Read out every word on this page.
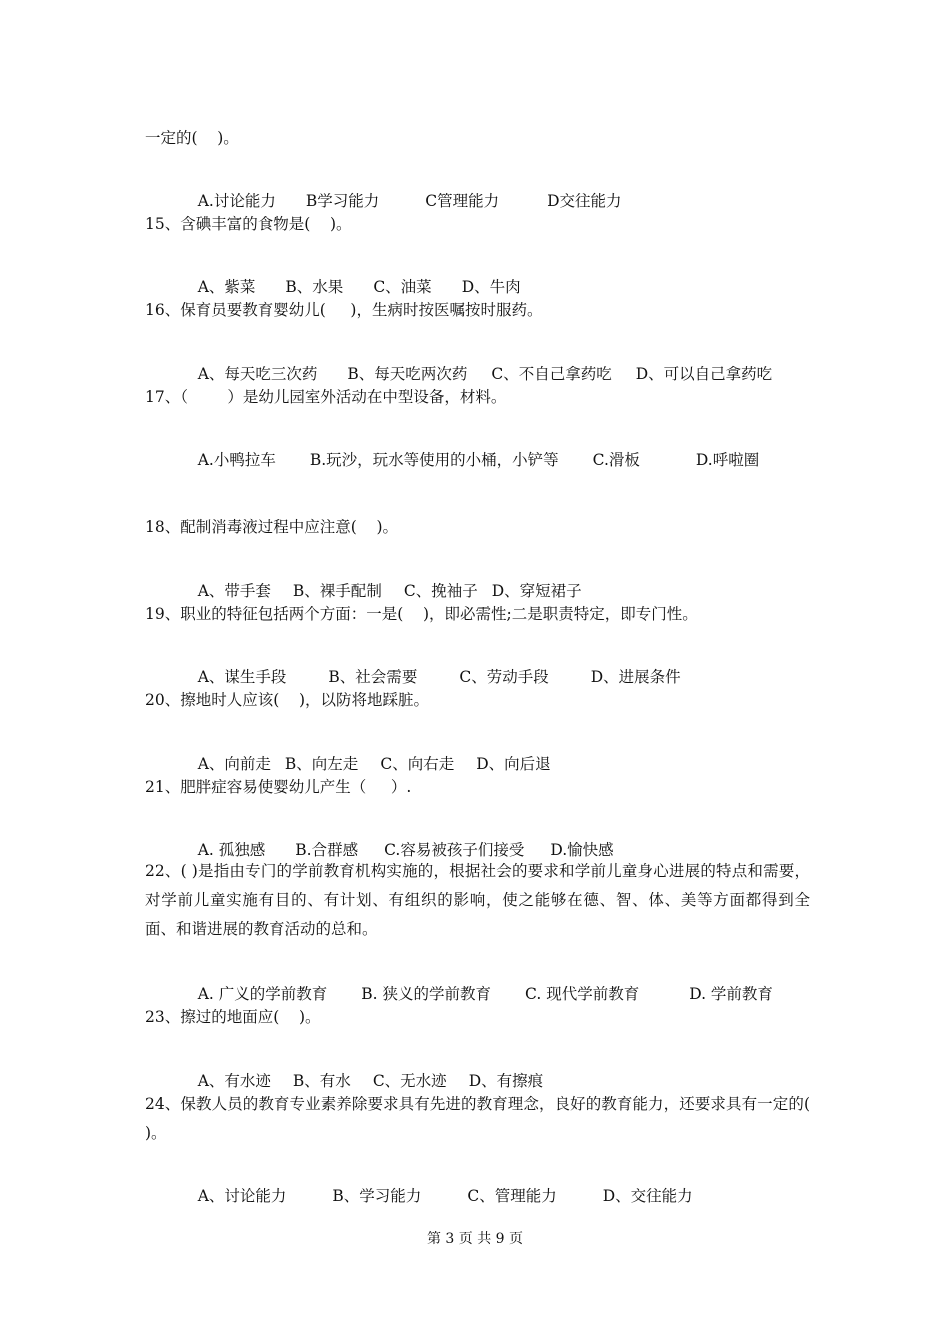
一定的(    )。

A.讨论能力 B学习能力	C管理能力	D交往能力

15、含碘丰富的食物是(    )。

A、紫菜 B、水果 C、油菜 D、牛肉

16、保育员要教育婴幼儿(     )，生病时按医嘱按时服药。

A、每天吃三次药 B、每天吃两次药 C、不自己拿药吃 D、可以自己拿药吃

17、（        ）是幼儿园室外活动在中型设备，材料。

A.小鸭拉车 B.玩沙，玩水等使用的小桶，小铲等 C.滑板	D.呼啦圈

18、配制消毒液过程中应注意(    )。

A、带手套 B、裸手配制 C、挽袖子 D、穿短裙子

19、职业的特征包括两个方面：一是(    )，即必需性;二是职责特定，即专门性。

A、谋生手段	B、社会需要	C、劳动手段	D、进展条件

20、擦地时人应该(    )，以防将地踩脏。

A、向前走 B、向左走 C、向右走 D、向后退

21、肥胖症容易使婴幼儿产生（     ）.

A. 孤独感 B.合群感 C.容易被孩子们接受 D.愉快感

22、( )是指由专门的学前教育机构实施的，根据社会的要求和学前儿童身心进展的特点和需要，对学前儿童实施有目的、有计划、有组织的影响，使之能够在德、智、体、美等方面都得到全面、和谐进展的教育活动的总和。

A. 广义的学前教育 B. 狭义的学前教育 C. 现代学前教育	D. 学前教育

23、擦过的地面应(    )。

A、有水迹 B、有水 C、无水迹 D、有擦痕

24、保教人员的教育专业素养除要求具有先进的教育理念，良好的教育能力，还要求具有一定的( )。

A、讨论能力	B、学习能力	C、管理能力	D、交往能力

第 3 页 共 9 页
